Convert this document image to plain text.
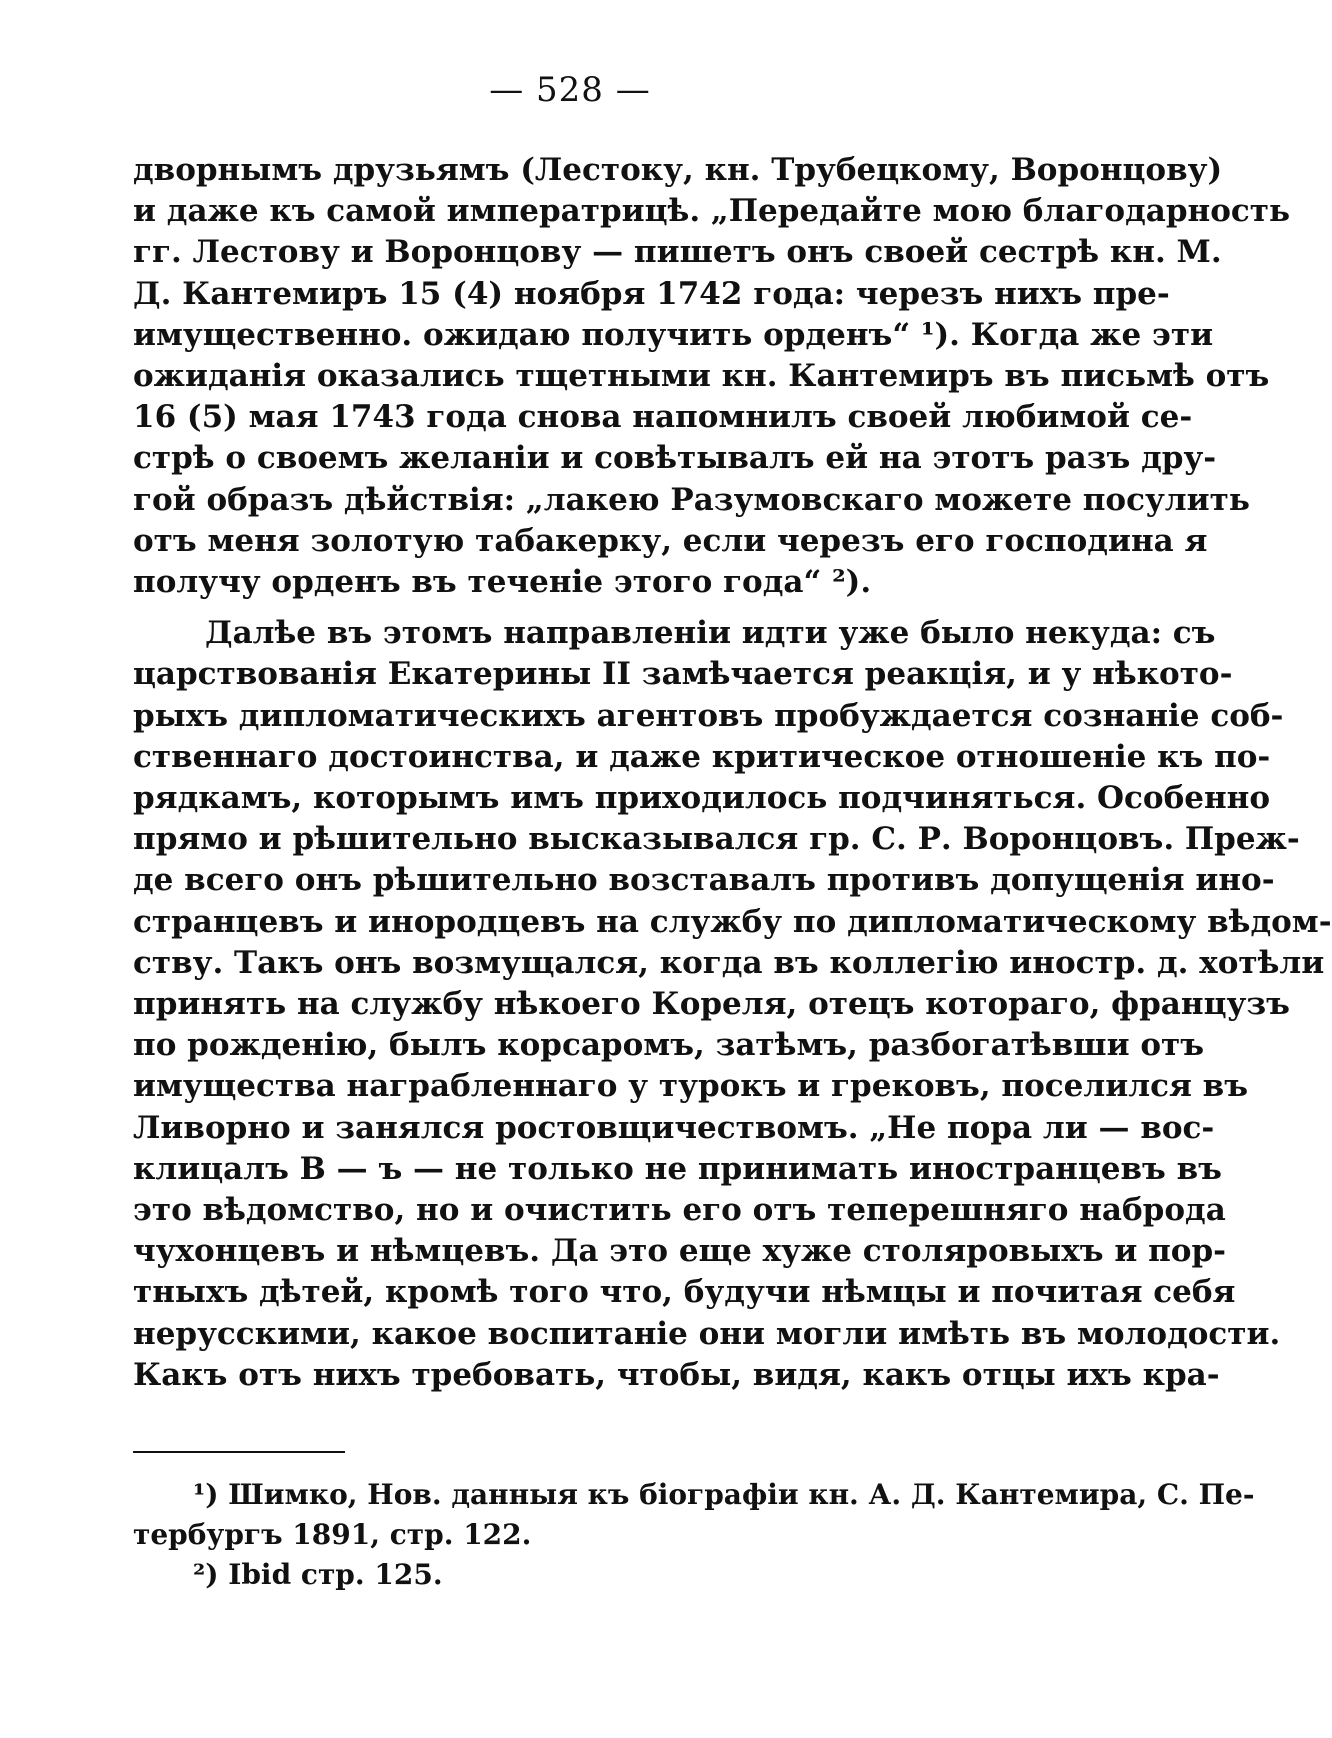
— 528 —
дворнымъ друзьямъ (Лестоку, кн. Трубецкому, Воронцову)
и даже къ самой императрицѣ. „Передайте мою благодарность
гг. Лестову и Воронцову — пишетъ онъ своей сестрѣ кн. М.
Д. Кантемиръ 15 (4) ноября 1742 года: черезъ нихъ пре-
имущественно. ожидаю получить орденъ“ ¹). Когда же эти
ожиданія оказались тщетными кн. Кантемиръ въ письмѣ отъ
16 (5) мая 1743 года снова напомнилъ своей любимой се-
стрѣ о своемъ желаніи и совѣтывалъ ей на этотъ разъ дру-
гой образъ дѣйствія: „лакею Разумовскаго можете посулить
отъ меня золотую табакерку, если черезъ его господина я
получу орденъ въ теченіе этого года“ ²).
Далѣе въ этомъ направленіи идти уже было некуда: съ
царствованія Екатерины II замѣчается реакція, и у нѣкото-
рыхъ дипломатическихъ агентовъ пробуждается сознаніе соб-
ственнаго достоинства, и даже критическое отношеніе къ по-
рядкамъ, которымъ имъ приходилось подчиняться. Особенно
прямо и рѣшительно высказывался гр. С. Р. Воронцовъ. Преж-
де всего онъ рѣшительно возставалъ противъ допущенія ино-
странцевъ и инородцевъ на службу по дипломатическому вѣдом-
ству. Такъ онъ возмущался, когда въ коллегію иностр. д. хотѣли
принять на службу нѣкоего Кореля, отецъ котораго, французъ
по рожденію, былъ корсаромъ, затѣмъ, разбогатѣвши отъ
имущества награбленнаго у турокъ и грековъ, поселился въ
Ливорно и занялся ростовщичествомъ. „Не пора ли — вос-
клицалъ В — ъ — не только не принимать иностранцевъ въ
это вѣдомство, но и очистить его отъ теперешняго наброда
чухонцевъ и нѣмцевъ. Да это еще хуже столяровыхъ и пор-
тныхъ дѣтей, кромѣ того что, будучи нѣмцы и почитая себя
нерусскими, какое воспитаніе они могли имѣть въ молодости.
Какъ отъ нихъ требовать, чтобы, видя, какъ отцы ихъ кра-
¹) Шимко, Нов. данныя къ біографіи кн. А. Д. Кантемира, С. Пе-
тербургъ 1891, стр. 122.
²) Ibid стр. 125.
